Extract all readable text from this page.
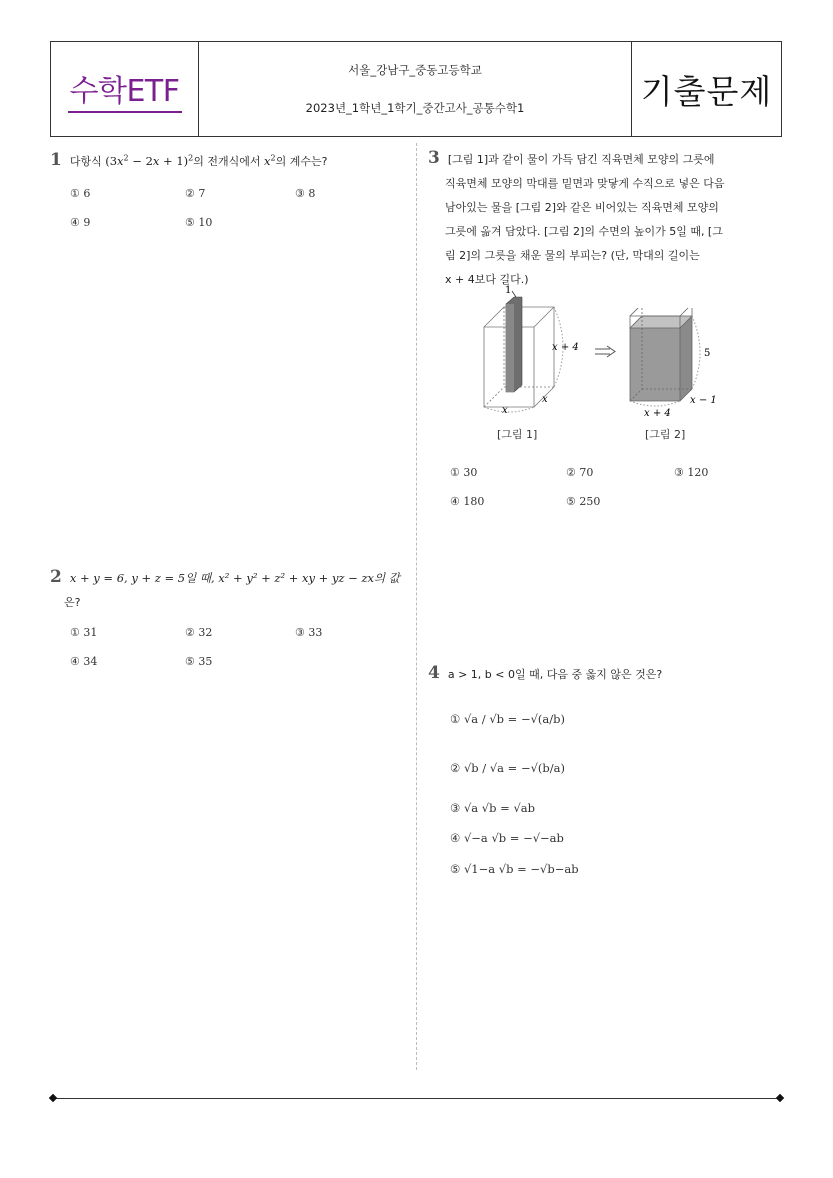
수학ETF
서울_강남구_중동고등학교
2023년_1학년_1학기_중간고사_공통수학1	기출문제
1 다항식 $(3x^2 - 2x + 1)^2$의 전개식에서 $x^2$의 계수는?
① 6	② 7	③ 8
④ 9	⑤ 10
2 x + y = 6, y + z = 5일 때, x² + y² + z² + xy + yz − zx의 값
은?
① 31	② 32	③ 33
④ 34	⑤ 35
3 [그림 1]과 같이 물이 가득 담긴 직육면체 모양의 그릇에
직육면체 모양의 막대를 밑면과 맞닿게 수직으로 넣은 다음
남아있는 물을 [그림 2]와 같은 비어있는 직육면체 모양의
그릇에 옮겨 담았다. [그림 2]의 수면의 높이가 5일 때, [그
림 2]의 그릇을 채운 물의 부피는? (단, 막대의 길이는
x + 4보다 길다.)
1
x + 4
x
x
5
x + 4
x − 1
[그림 1]	[그림 2]
① 30	② 70	③ 120
④ 180	⑤ 250
4 a > 1, b < 0일 때, 다음 중 옳지 않은 것은?
① √a / √b = −√(a/b)
② √b / √a = −√(b/a)
③ √a √b = √ab
④ √−a √b = −√−ab
⑤ √1−a √b = −√b−ab
